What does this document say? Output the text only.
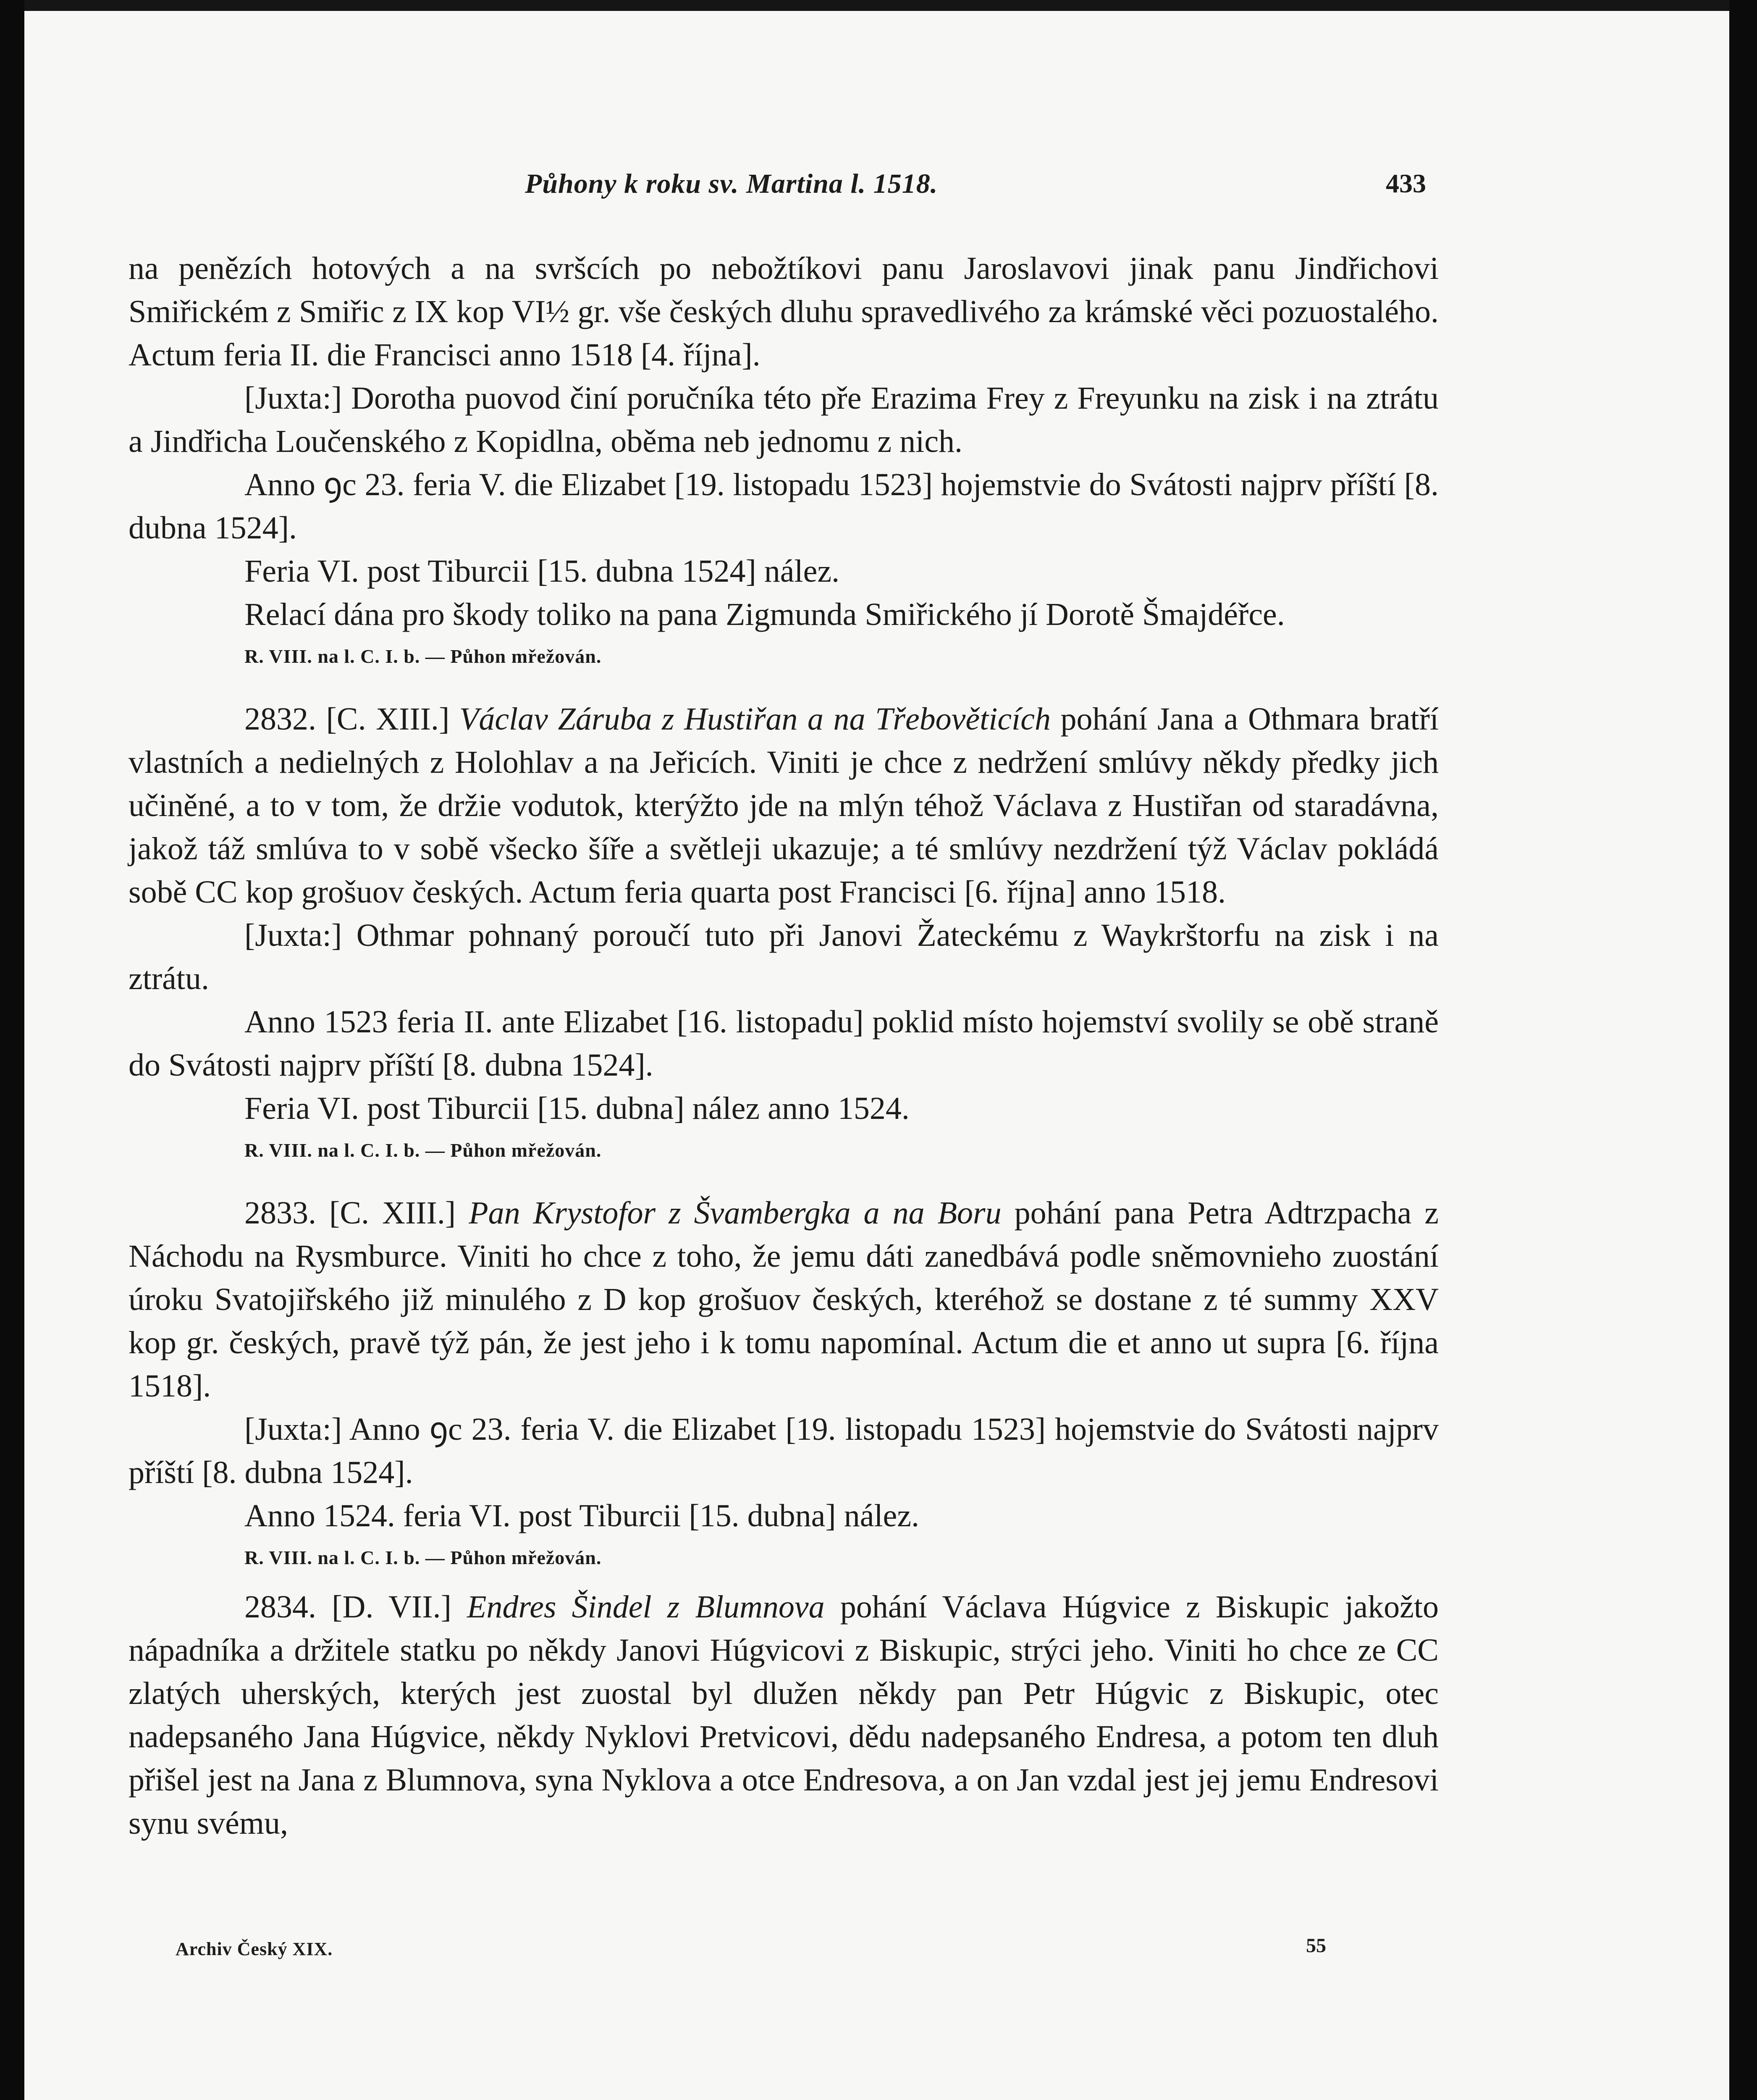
Půhony k roku sv. Martina l. 1518.	433

na penězích hotových a na svršcích po nebožtíkovi panu Jaroslavovi jinak panu Jindřichovi Smiřickém z Smiřic z IX kop VI½ gr. vše českých dluhu spravedlivého za krámské věci pozuostalého. Actum feria II. die Francisci anno 1518 [4. října].

[Juxta:] Dorotha puovod činí poručníka této pře Erazima Frey z Freyunku na zisk i na ztrátu a Jindřicha Loučenského z Kopidlna, oběma neb jednomu z nich.

Anno ꝯc 23. feria V. die Elizabet [19. listopadu 1523] hojemstvie do Svátosti najprv příští [8. dubna 1524].

Feria VI. post Tiburcii [15. dubna 1524] nález.

Relací dána pro škody toliko na pana Zigmunda Smiřického jí Dorotě Šmajdéřce.

R. VIII. na l. C. I. b. — Půhon mřežován.

2832. [C. XIII.] Václav Záruba z Hustiřan a na Třebověticích pohání Jana a Othmara bratří vlastních a nedielných z Holohlav a na Jeřicích. Viniti je chce z nedržení smlúvy někdy předky jich učiněné, a to v tom, že držie vodutok, kterýžto jde na mlýn téhož Václava z Hustiřan od staradávna, jakož táž smlúva to v sobě všecko šíře a světleji ukazuje; a té smlúvy nezdržení týž Václav pokládá sobě CC kop grošuov českých. Actum feria quarta post Francisci [6. října] anno 1518.

[Juxta:] Othmar pohnaný poroučí tuto při Janovi Žateckému z Waykrštorfu na zisk i na ztrátu.

Anno 1523 feria II. ante Elizabet [16. listopadu] poklid místo hojemství svolily se obě straně do Svátosti najprv příští [8. dubna 1524].

Feria VI. post Tiburcii [15. dubna] nález anno 1524.

R. VIII. na l. C. I. b. — Půhon mřežován.

2833. [C. XIII.] Pan Krystofor z Švambergka a na Boru pohání pana Petra Adtrzpacha z Náchodu na Rysmburce. Viniti ho chce z toho, že jemu dáti zanedbává podle sněmovnieho zuostání úroku Svatojiřského již minulého z D kop grošuov českých, kteréhož se dostane z té summy XXV kop gr. českých, pravě týž pán, že jest jeho i k tomu napomínal. Actum die et anno ut supra [6. října 1518].

[Juxta:] Anno ꝯc 23. feria V. die Elizabet [19. listopadu 1523] hojemstvie do Svátosti najprv příští [8. dubna 1524].

Anno 1524. feria VI. post Tiburcii [15. dubna] nález.

R. VIII. na l. C. I. b. — Půhon mřežován.

2834. [D. VII.] Endres Šindel z Blumnova pohání Václava Húgvice z Biskupic jakožto nápadníka a držitele statku po někdy Janovi Húgvicovi z Biskupic, strýci jeho. Viniti ho chce ze CC zlatých uherských, kterých jest zuostal byl dlužen někdy pan Petr Húgvic z Biskupic, otec nadepsaného Jana Húgvice, někdy Nyklovi Pretvicovi, dědu nadepsaného Endresa, a potom ten dluh přišel jest na Jana z Blumnova, syna Nyklova a otce Endresova, a on Jan vzdal jest jej jemu Endresovi synu svému,

Archiv Český XIX.	55
